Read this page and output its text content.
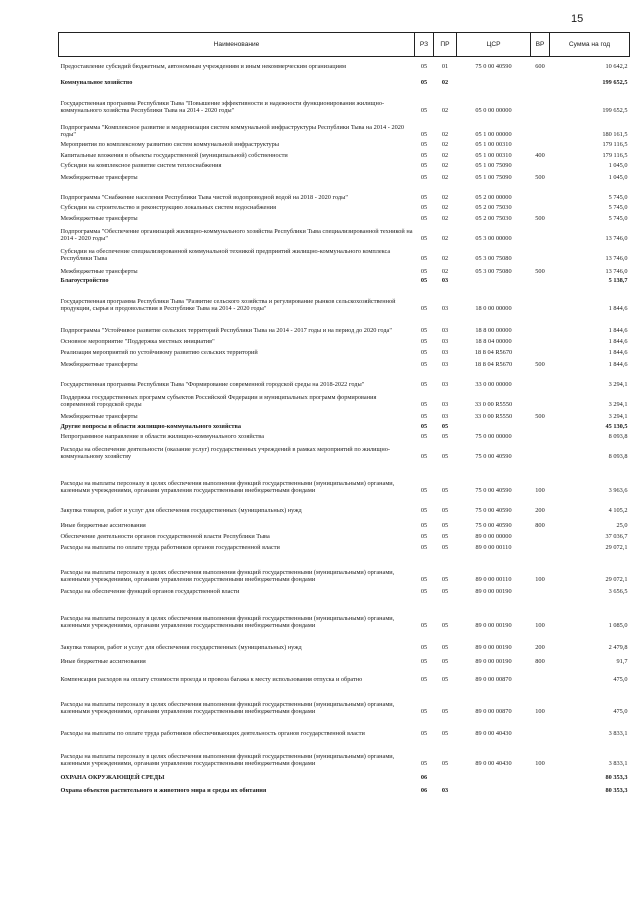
15
Наименование	РЗ	ПР	ЦСР	ВР	Сумма на год
Предоставление субсидий бюджетным, автономным учреждениям и иным некоммерческим организациям	05	01	75 0 00 40590	600	10 642,2
Коммунальное хозяйство	05	02			199 652,5
Государственная программа Республики Тыва "Повышение эффективности и надежности функционирования жилищно-коммунального хозяйства Республики Тыва на 2014 - 2020 годы"	05	02	05 0 00 00000		199 652,5
Подпрограмма "Комплексное развитие и модернизация систем коммунальной инфраструктуры Республики Тыва на 2014 - 2020 годы"	05	02	05 1 00 00000		180 161,5
Мероприятия по комплексному развитию систем коммунальной инфраструктуры	05	02	05 1 00 00310		179 116,5
Капитальные вложения в объекты государственной (муниципальной) собственности	05	02	05 1 00 00310	400	179 116,5
Субсидии на комплексное развитие систем теплоснабжения	05	02	05 1 00 75090		1 045,0
Межбюджетные трансферты	05	02	05 1 00 75090	500	1 045,0
Подпрограмма "Снабжение населения Республики Тыва чистой водопроводной водой на 2018 - 2020 годы"	05	02	05 2 00 00000		5 745,0
Субсидии на строительство и реконструкцию локальных систем водоснабжения	05	02	05 2 00 75030		5 745,0
Межбюджетные трансферты	05	02	05 2 00 75030	500	5 745,0
Подпрограмма "Обеспечение организаций жилищно-коммунального хозяйства Республики Тыва специализированной техникой на 2014 - 2020 годы"	05	02	05 3 00 00000		13 746,0
Субсидии на обеспечение специализированной коммунальной техникой предприятий жилищно-коммунального комплекса Республики Тыва	05	02	05 3 00 75080		13 746,0
Межбюджетные трансферты	05	02	05 3 00 75080	500	13 746,0
Благоустройство	05	03			5 138,7
Государственная программа Республики Тыва "Развитие сельского хозяйства и регулирование рынков сельскохозяйственной продукции, сырья и продовольствия в Республике Тыва на 2014 - 2020 годы"	05	03	18 0 00 00000		1 844,6
Подпрограмма "Устойчивое развитие сельских территорий Республики Тыва на 2014 - 2017 годы и на период до 2020 года"	05	03	18 8 00 00000		1 844,6
Основное мероприятие "Поддержка местных инициатив"	05	03	18 8 04 00000		1 844,6
Реализация мероприятий по устойчивому развитию сельских территорий	05	03	18 8 04 R5670		1 844,6
Межбюджетные трансферты	05	03	18 8 04 R5670	500	1 844,6
Государственная программа Республики Тыва "Формирование современной городской среды на 2018-2022 годы"	05	03	33 0 00 00000		3 294,1
Поддержка государственных программ субъектов Российской Федерации и муниципальных программ формирования современной городской среды	05	03	33 0 00 R5550		3 294,1
Межбюджетные трансферты	05	03	33 0 00 R5550	500	3 294,1
Другие вопросы в области жилищно-коммунального хозяйства	05	05			45 130,5
Непрограммное направление в области жилищно-коммунального хозяйства	05	05	75 0 00 00000		8 093,8
Расходы на обеспечение деятельности (оказание услуг) государственных учреждений в рамках мероприятий по жилищно-коммунальному хозяйству	05	05	75 0 00 40590		8 093,8
Расходы на выплаты персоналу в целях обеспечения выполнения функций государственными (муниципальными) органами, казенными учреждениями, органами управления государственными внебюджетными фондами	05	05	75 0 00 40590	100	3 963,6
Закупка товаров, работ и услуг для обеспечения государственных (муниципальных) нужд	05	05	75 0 00 40590	200	4 105,2
Иные бюджетные ассигнования	05	05	75 0 00 40590	800	25,0
Обеспечение деятельности органов государственной власти Республики Тыва	05	05	89 0 00 00000		37 036,7
Расходы на выплаты по оплате труда работников органов государственной власти	05	05	89 0 00 00110		29 072,1
Расходы на выплаты персоналу в целях обеспечения выполнения функций государственными (муниципальными) органами, казенными учреждениями, органами управления государственными внебюджетными фондами	05	05	89 0 00 00110	100	29 072,1
Расходы на обеспечение функций органов государственной власти	05	05	89 0 00 00190		3 656,5
Расходы на выплаты персоналу в целях обеспечения выполнения функций государственными (муниципальными) органами, казенными учреждениями, органами управления государственными внебюджетными фондами	05	05	89 0 00 00190	100	1 085,0
Закупка товаров, работ и услуг для обеспечения государственных (муниципальных) нужд	05	05	89 0 00 00190	200	2 479,8
Иные бюджетные ассигнования	05	05	89 0 00 00190	800	91,7
Компенсация расходов на оплату стоимости проезда и провоза багажа к месту использования отпуска и обратно	05	05	89 0 00 00870		475,0
Расходы на выплаты персоналу в целях обеспечения выполнения функций государственными (муниципальными) органами, казенными учреждениями, органами управления государственными внебюджетными фондами	05	05	89 0 00 00870	100	475,0
Расходы на выплаты по оплате труда работников обеспечивающих деятельность органов государственной власти	05	05	89 0 00 40430		3 833,1
Расходы на выплаты персоналу в целях обеспечения выполнения функций государственными (муниципальными) органами, казенными учреждениями, органами управления государственными внебюджетными фондами	05	05	89 0 00 40430	100	3 833,1
ОХРАНА ОКРУЖАЮЩЕЙ СРЕДЫ	06				80 353,3
Охрана объектов растительного и животного мира и среды их обитания	06	03			80 353,3
